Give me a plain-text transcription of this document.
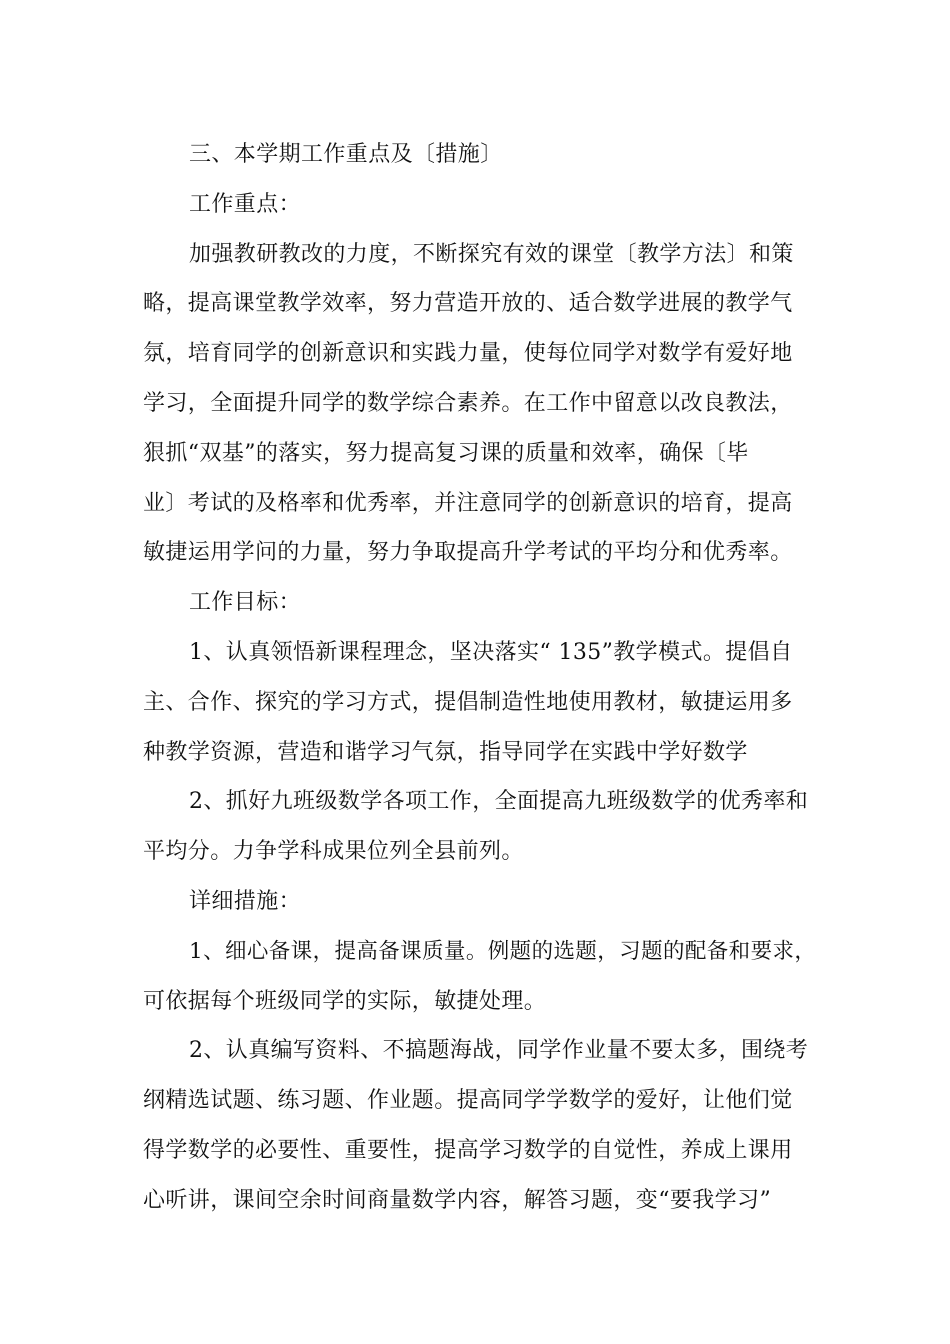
三、本学期工作重点及〔措施〕
工作重点：
加强教研教改的力度，不断探究有效的课堂〔教学方法〕和策
略，提高课堂教学效率，努力营造开放的、适合数学进展的教学气
氛，培育同学的创新意识和实践力量，使每位同学对数学有爱好地
学习，全面提升同学的数学综合素养。在工作中留意以改良教法，
狠抓“双基”的落实，努力提高复习课的质量和效率，确保〔毕
业〕考试的及格率和优秀率，并注意同学的创新意识的培育，提高
敏捷运用学问的力量，努力争取提高升学考试的平均分和优秀率。
工作目标：
1、认真领悟新课程理念，坚决落实“ 135”教学模式。提倡自
主、合作、探究的学习方式，提倡制造性地使用教材，敏捷运用多
种教学资源，营造和谐学习气氛，指导同学在实践中学好数学
2、抓好九班级数学各项工作，全面提高九班级数学的优秀率和
平均分。力争学科成果位列全县前列。
详细措施：
1、细心备课，提高备课质量。例题的选题，习题的配备和要求，
可依据每个班级同学的实际，敏捷处理。
2、认真编写资料、不搞题海战，同学作业量不要太多，围绕考
纲精选试题、练习题、作业题。提高同学学数学的爱好，让他们觉
得学数学的必要性、重要性，提高学习数学的自觉性，养成上课用
心听讲，课间空余时间商量数学内容，解答习题，变“要我学习”
